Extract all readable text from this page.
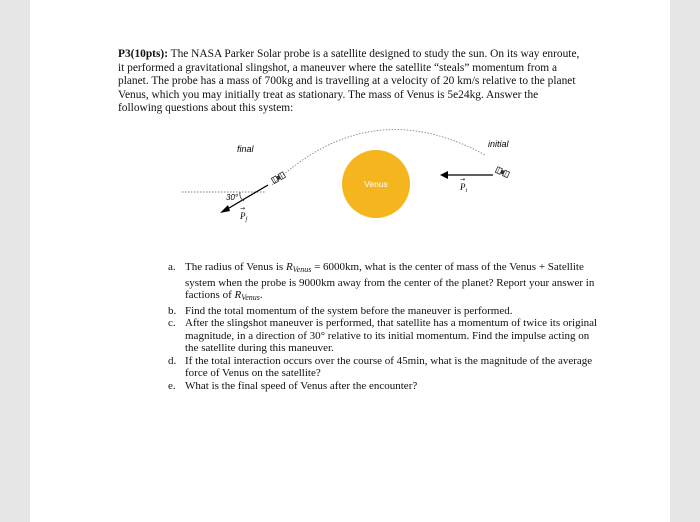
P3(10pts): The NASA Parker Solar probe is a satellite designed to study the sun. On its way enroute, it performed a gravitational slingshot, a maneuver where the satellite “steals” momentum from a planet. The probe has a mass of 700kg and is travelling at a velocity of 20 km/s relative to the planet Venus, which you may initially treat as stationary. The mass of Venus is 5e24kg. Answer the following questions about this system:

Venus
final	initial
30°
$P_i$
→
$P_f$
→
a. The radius of Venus is $R_{Venus} = 6000km$, what is the center of mass of the Venus + Satellite system when the probe is 9000km away from the center of the planet? Report your answer in factions of $R_{Venus}$.
b. Find the total momentum of the system before the maneuver is performed.
c. After the slingshot maneuver is performed, that satellite has a momentum of twice its original magnitude, in a direction of 30° relative to its initial momentum. Find the impulse acting on the satellite during this maneuver.
d. If the total interaction occurs over the course of 45min, what is the magnitude of the average force of Venus on the satellite?
e. What is the final speed of Venus after the encounter?
